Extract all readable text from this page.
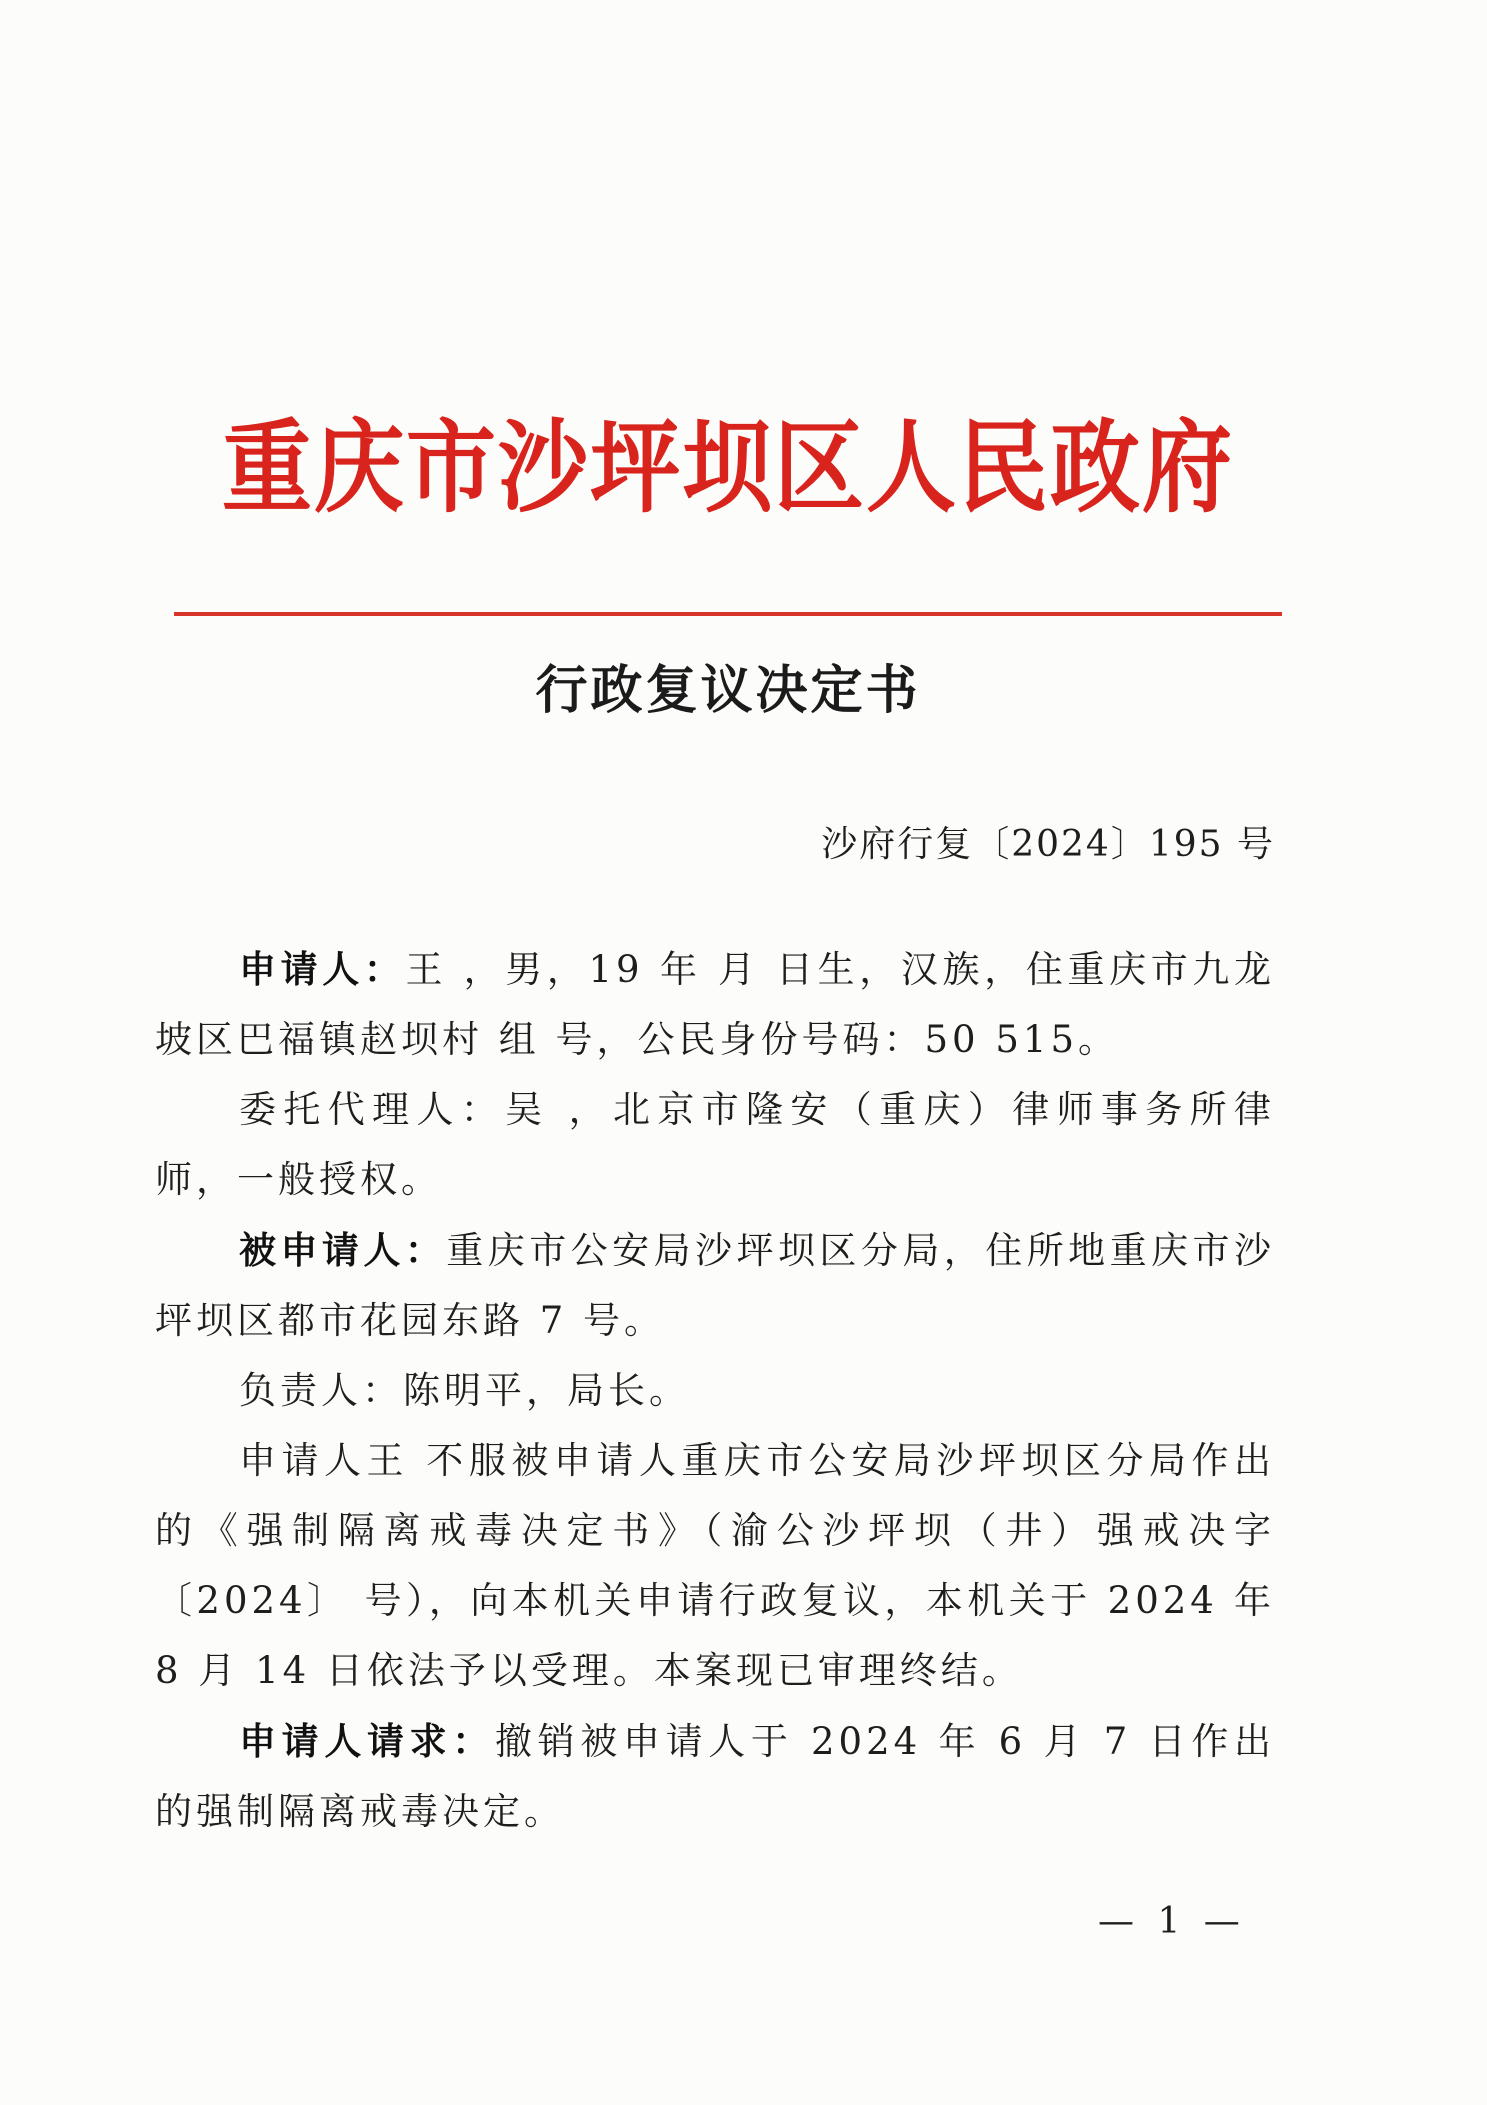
重庆市沙坪坝区人民政府
行政复议决定书
沙府行复〔2024〕195 号

申请人：王 ，男，19 年 月 日生，汉族，住重庆市九龙坡区巴福镇赵坝村 组 号，公民身份号码：50 515。

委托代理人：吴 ，北京市隆安（重庆）律师事务所律师，一般授权。

被申请人：重庆市公安局沙坪坝区分局，住所地重庆市沙坪坝区都市花园东路 7 号。

负责人：陈明平，局长。

申请人王 不服被申请人重庆市公安局沙坪坝区分局作出的《强制隔离戒毒决定书》（渝公沙坪坝（井）强戒决字〔2024〕 号），向本机关申请行政复议，本机关于 2024 年 8 月 14 日依法予以受理。本案现已审理终结。

申请人请求：撤销被申请人于 2024 年 6 月 7 日作出的强制隔离戒毒决定。

— 1 —
